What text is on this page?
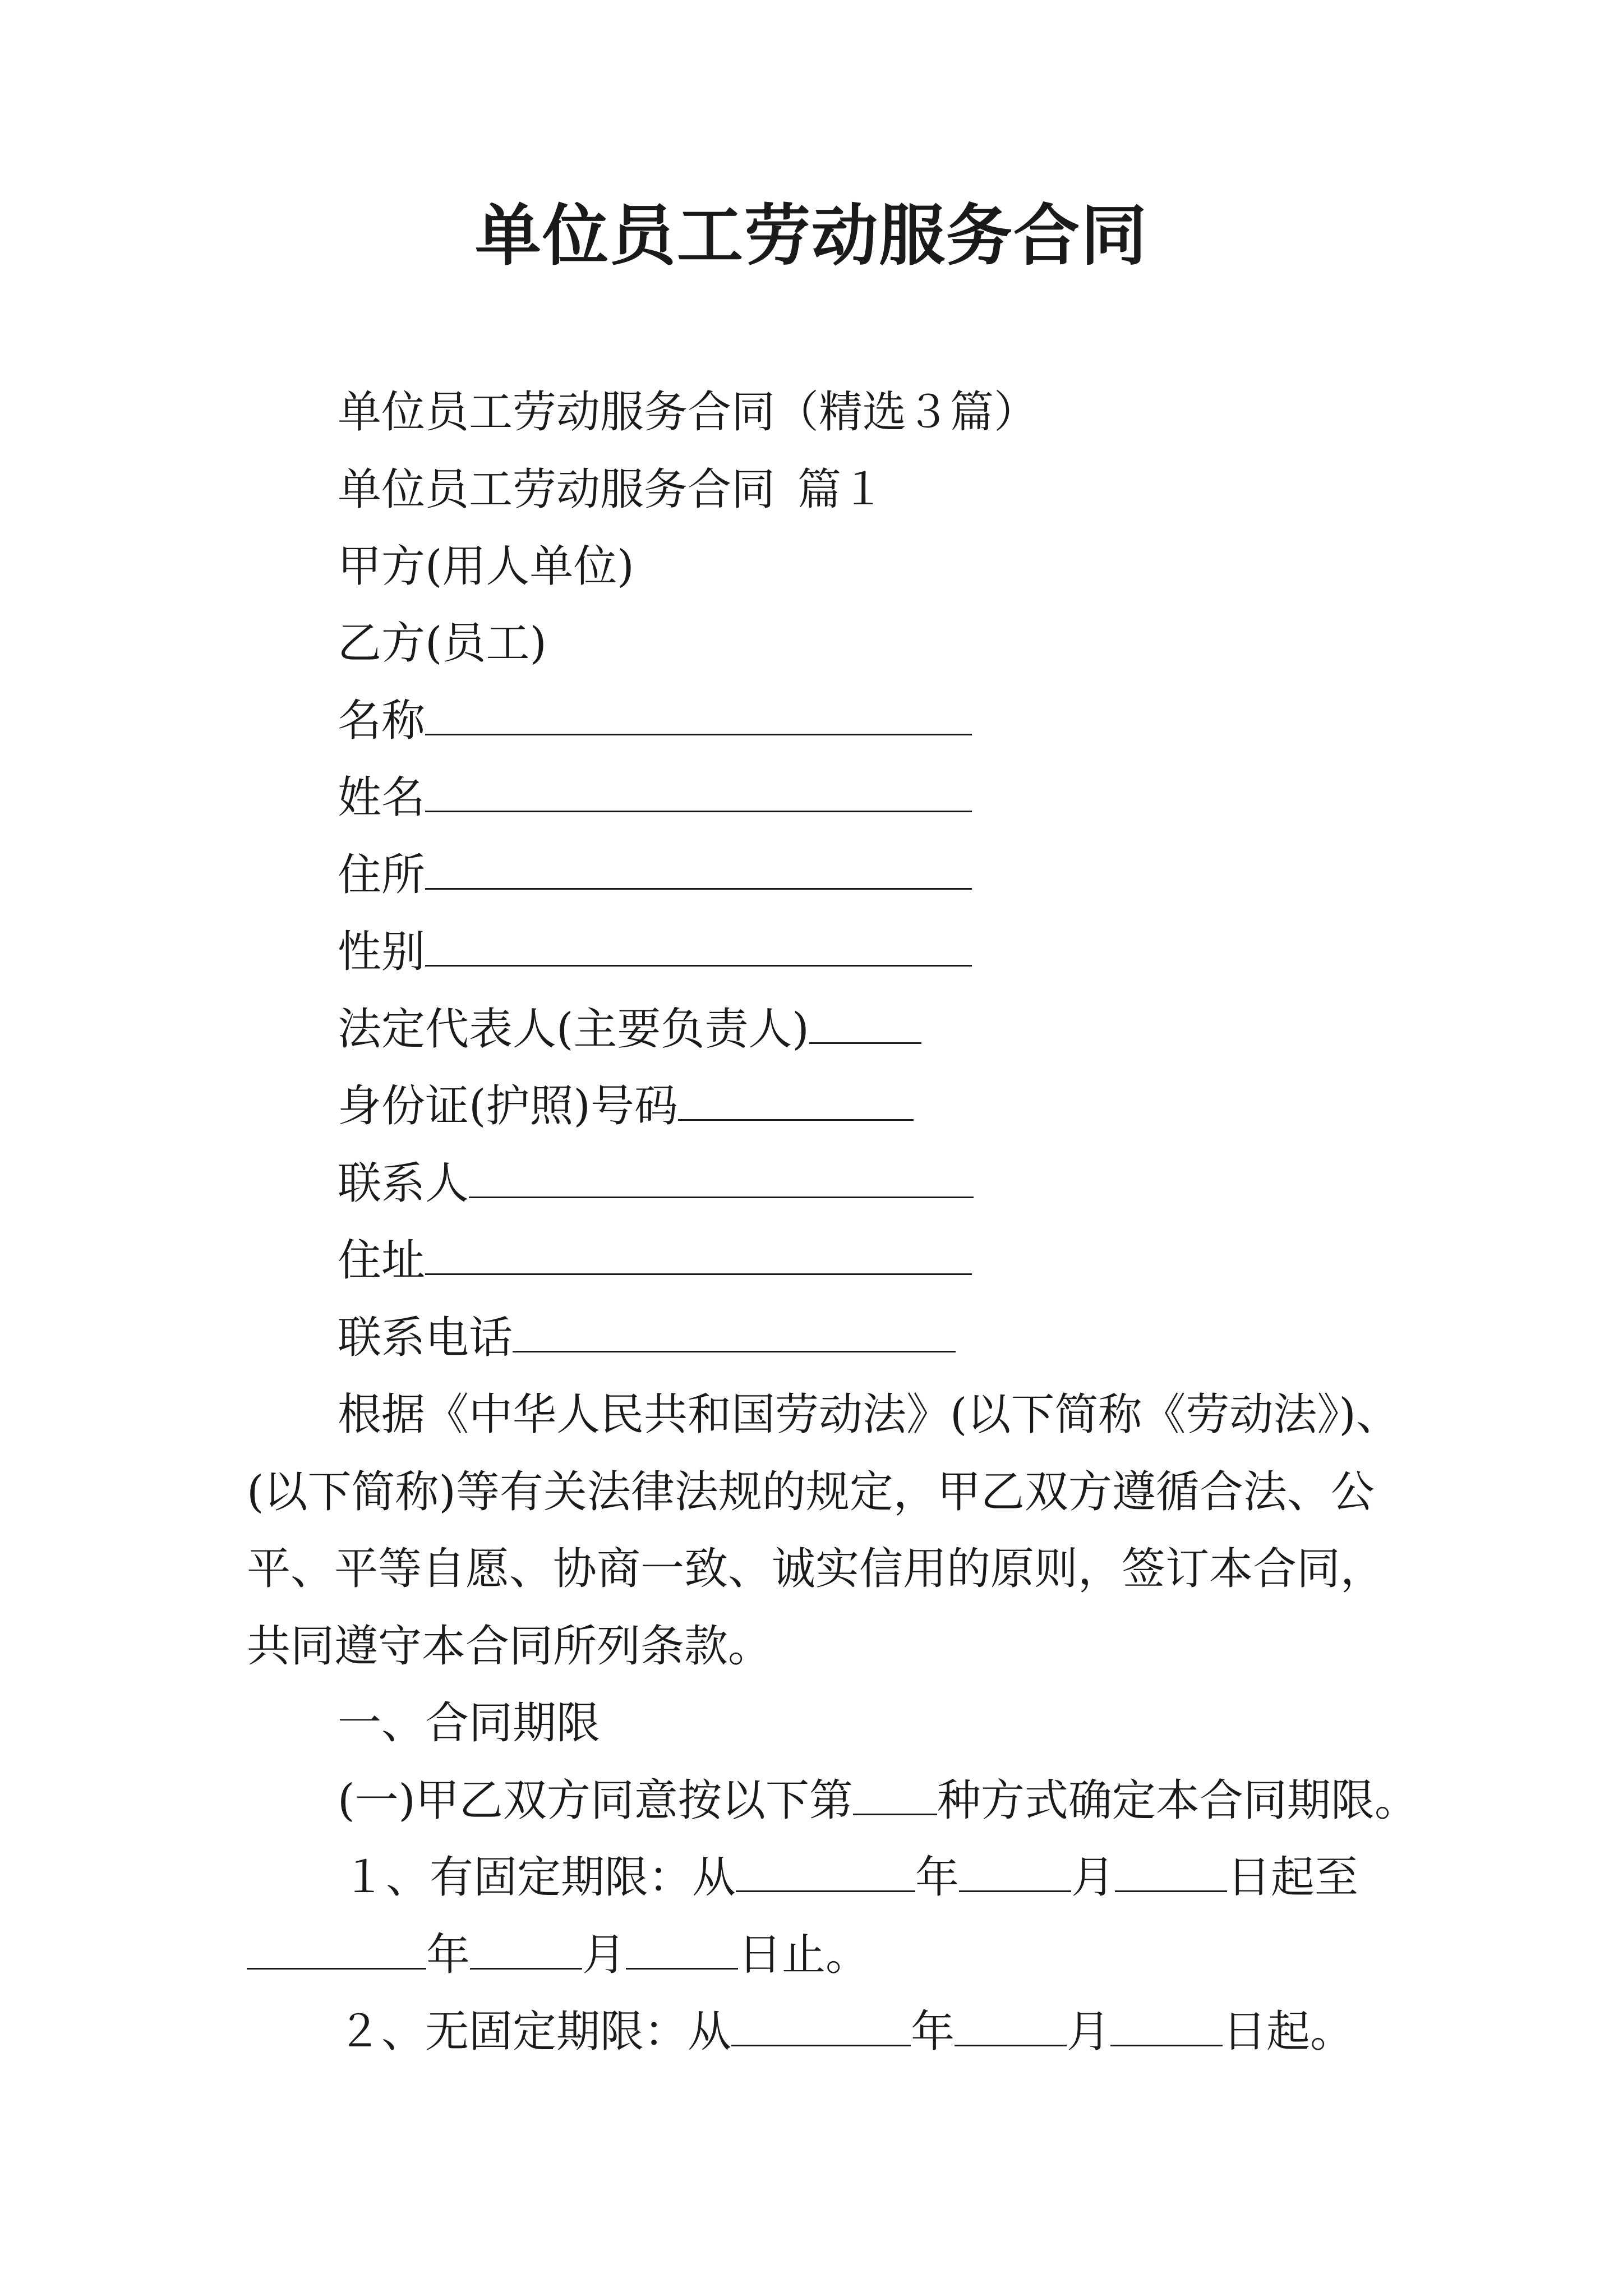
单位员工劳动服务合同
单位员工劳动服务合同（精选３篇）
单位员工劳动服务合同 篇１
甲方(用人单位)
乙方(员工)
名称
姓名
住所
性别
法定代表人(主要负责人)
身份证(护照)号码
联系人
住址
联系电话
根据《中华人民共和国劳动法》(以下简称《劳动法》)、
(以下简称)等有关法律法规的规定，甲乙双方遵循合法、公
平、平等自愿、协商一致、诚实信用的原则，签订本合同，
共同遵守本合同所列条款。
一、合同期限
(一)甲乙双方同意按以下第 种方式确定本合同期限。
１、有固定期限：从	年	月	日起至
年	月	日止。
２、无固定期限：从	年	月	日起。
